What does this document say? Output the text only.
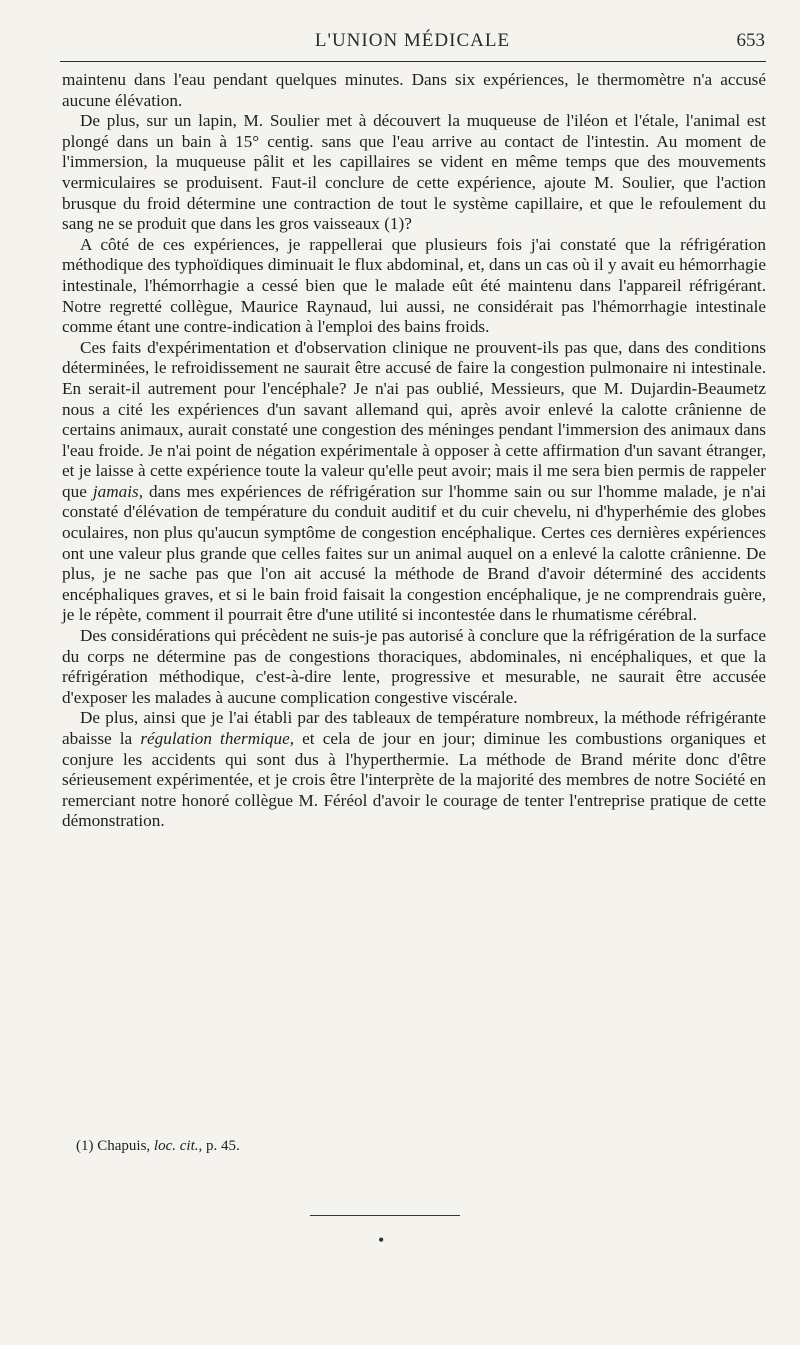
L'UNION MÉDICALE	653

maintenu dans l'eau pendant quelques minutes. Dans six expériences, le thermomètre n'a accusé aucune élévation.

De plus, sur un lapin, M. Soulier met à découvert la muqueuse de l'iléon et l'étale, l'animal est plongé dans un bain à 15° centig. sans que l'eau arrive au contact de l'intestin. Au moment de l'immersion, la muqueuse pâlit et les capillaires se vident en même temps que des mouvements vermiculaires se produisent. Faut-il conclure de cette expérience, ajoute M. Soulier, que l'action brusque du froid détermine une contraction de tout le système capillaire, et que le refoulement du sang ne se produit que dans les gros vaisseaux (1)?

A côté de ces expériences, je rappellerai que plusieurs fois j'ai constaté que la réfrigération méthodique des typhoïdiques diminuait le flux abdominal, et, dans un cas où il y avait eu hémorrhagie intestinale, l'hémorrhagie a cessé bien que le malade eût été maintenu dans l'appareil réfrigérant. Notre regretté collègue, Maurice Raynaud, lui aussi, ne considérait pas l'hémorrhagie intestinale comme étant une contre-indication à l'emploi des bains froids.

Ces faits d'expérimentation et d'observation clinique ne prouvent-ils pas que, dans des conditions déterminées, le refroidissement ne saurait être accusé de faire la congestion pulmonaire ni intestinale. En serait-il autrement pour l'encéphale? Je n'ai pas oublié, Messieurs, que M. Dujardin-Beaumetz nous a cité les expériences d'un savant allemand qui, après avoir enlevé la calotte crânienne de certains animaux, aurait constaté une congestion des méninges pendant l'immersion des animaux dans l'eau froide. Je n'ai point de négation expérimentale à opposer à cette affirmation d'un savant étranger, et je laisse à cette expérience toute la valeur qu'elle peut avoir; mais il me sera bien permis de rappeler que jamais, dans mes expériences de réfrigération sur l'homme sain ou sur l'homme malade, je n'ai constaté d'élévation de température du conduit auditif et du cuir chevelu, ni d'hyperhémie des globes oculaires, non plus qu'aucun symptôme de congestion encéphalique. Certes ces dernières expériences ont une valeur plus grande que celles faites sur un animal auquel on a enlevé la calotte crânienne. De plus, je ne sache pas que l'on ait accusé la méthode de Brand d'avoir déterminé des accidents encéphaliques graves, et si le bain froid faisait la congestion encéphalique, je ne comprendrais guère, je le répète, comment il pourrait être d'une utilité si incontestée dans le rhumatisme cérébral.

Des considérations qui précèdent ne suis-je pas autorisé à conclure que la réfrigération de la surface du corps ne détermine pas de congestions thoraciques, abdominales, ni encéphaliques, et que la réfrigération méthodique, c'est-à-dire lente, progressive et mesurable, ne saurait être accusée d'exposer les malades à aucune complication congestive viscérale.

De plus, ainsi que je l'ai établi par des tableaux de température nombreux, la méthode réfrigérante abaisse la régulation thermique, et cela de jour en jour; diminue les combustions organiques et conjure les accidents qui sont dus à l'hyperthermie. La méthode de Brand mérite donc d'être sérieusement expérimentée, et je crois être l'interprète de la majorité des membres de notre Société en remerciant notre honoré collègue M. Féréol d'avoir le courage de tenter l'entreprise pratique de cette démonstration.

(1) Chapuis, loc. cit., p. 45.
•
